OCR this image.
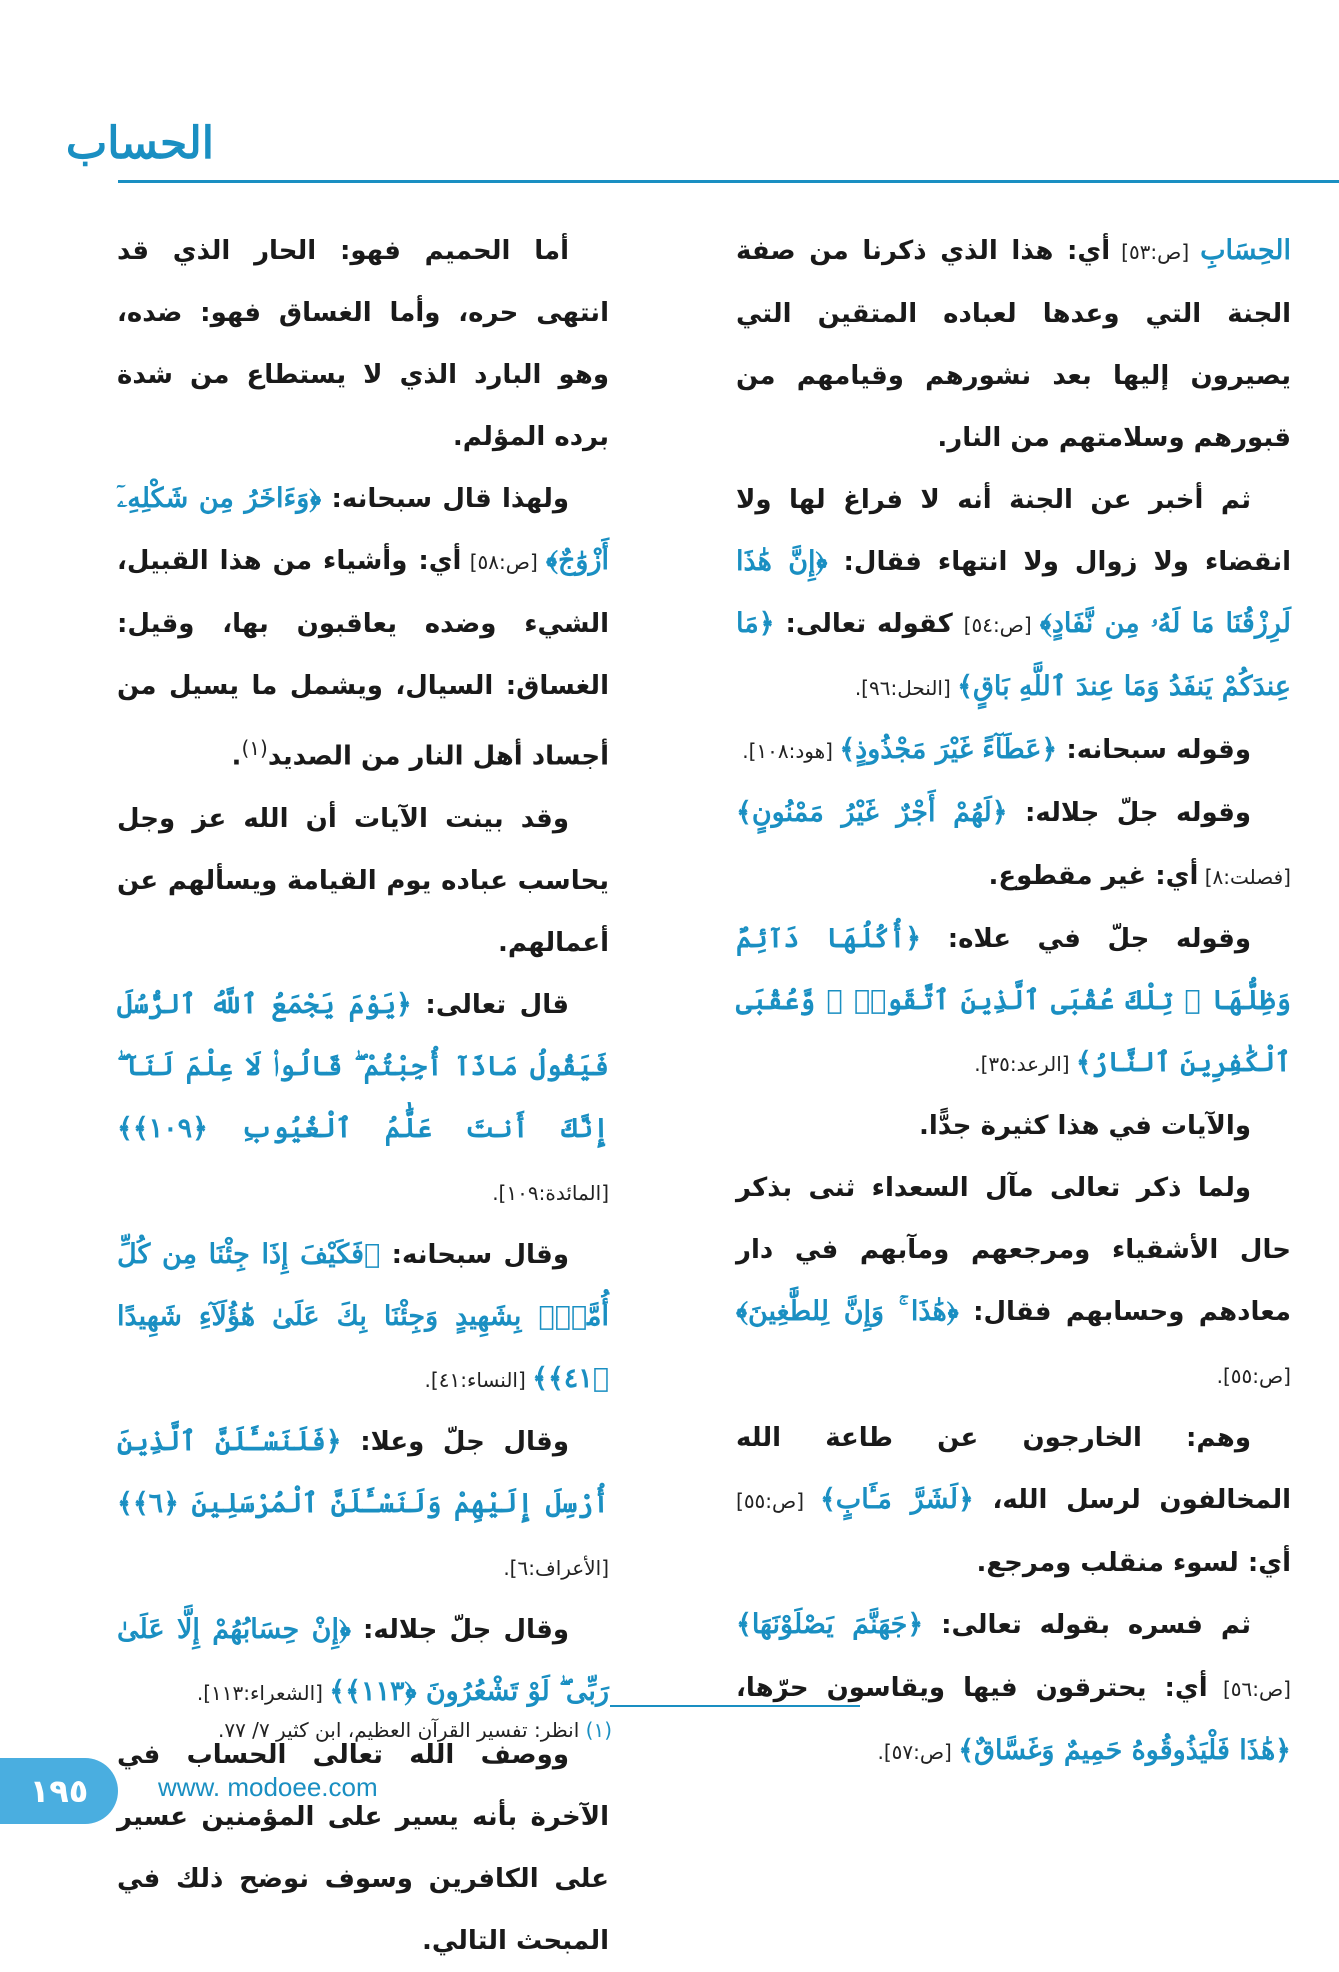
الحساب

الحِسَابِ [ص:٥٣] أي: هذا الذي ذكرنا من صفة الجنة التي وعدها لعباده المتقين التي يصيرون إليها بعد نشورهم وقيامهم من قبورهم وسلامتهم من النار.

ثم أخبر عن الجنة أنه لا فراغ لها ولا انقضاء ولا زوال ولا انتهاء فقال: ﴿إِنَّ هَٰذَا لَرِزْقُنَا مَا لَهُۥ مِن نَّفَادٍ﴾ [ص:٥٤] كقوله تعالى: ﴿مَا عِندَكُمْ يَنفَدُ وَمَا عِندَ ٱللَّهِ بَاقٍ﴾ [النحل:٩٦].

وقوله سبحانه: ﴿عَطَآءً غَيْرَ مَجْذُوذٍ﴾ [هود:١٠٨].

وقوله جلّ جلاله: ﴿لَهُمْ أَجْرٌ غَيْرُ مَمْنُونٍ﴾ [فصلت:٨] أي: غير مقطوع.

وقوله جلّ في علاه: ﴿أُكُلُهَا دَآئِمٌ وَظِلُّهَا ۚ تِلْكَ عُقْبَى ٱلَّذِينَ ٱتَّقَوا۟ ۖ وَّعُقْبَى ٱلْكَٰفِرِينَ ٱلنَّارُ﴾ [الرعد:٣٥].

والآيات في هذا كثيرة جدًّا.

ولما ذكر تعالى مآل السعداء ثنى بذكر حال الأشقياء ومرجعهم ومآبهم في دار معادهم وحسابهم فقال: ﴿هَٰذَا ۚ وَإِنَّ لِلطَّٰغِينَ﴾ [ص:٥٥].

وهم: الخارجون عن طاعة الله المخالفون لرسل الله، ﴿لَشَرَّ مَـَٔابٍ﴾ [ص:٥٥] أي: لسوء منقلب ومرجع.

ثم فسره بقوله تعالى: ﴿جَهَنَّمَ يَصْلَوْنَهَا﴾ [ص:٥٦] أي: يحترقون فيها ويقاسون حرّها، ﴿هَٰذَا فَلْيَذُوقُوهُ حَمِيمٌ وَغَسَّاقٌ﴾ [ص:٥٧].

أما الحميم فهو: الحار الذي قد انتهى حره، وأما الغساق فهو: ضده، وهو البارد الذي لا يستطاع من شدة برده المؤلم.

ولهذا قال سبحانه: ﴿وَءَاخَرُ مِن شَكْلِهِۦٓ أَزْوَٰجٌ﴾ [ص:٥٨] أي: وأشياء من هذا القبيل، الشيء وضده يعاقبون بها، وقيل: الغساق: السيال، ويشمل ما يسيل من أجساد أهل النار من الصديد$^{(١)}$.

وقد بينت الآيات أن الله عز وجل يحاسب عباده يوم القيامة ويسألهم عن أعمالهم.

قال تعالى: ﴿يَوْمَ يَجْمَعُ ٱللَّهُ ٱلرُّسُلَ فَيَقُولُ مَاذَآ أُجِبْتُمْ ۖ قَالُوا۟ لَا عِلْمَ لَنَآ ۖ إِنَّكَ أَنتَ عَلَّٰمُ ٱلْغُيُوبِ ﴿١٠٩﴾﴾ [المائدة:١٠٩].

وقال سبحانه: ﴿فَكَيْفَ إِذَا جِئْنَا مِن كُلِّ أُمَّةٍۭ بِشَهِيدٍ وَجِئْنَا بِكَ عَلَىٰ هَٰٓؤُلَآءِ شَهِيدًا ﴿٤١﴾﴾ [النساء:٤١].

وقال جلّ وعلا: ﴿فَلَنَسْـَٔلَنَّ ٱلَّذِينَ أُرْسِلَ إِلَيْهِمْ وَلَنَسْـَٔلَنَّ ٱلْمُرْسَلِينَ ﴿٦﴾﴾ [الأعراف:٦].

وقال جلّ جلاله: ﴿إِنْ حِسَابُهُمْ إِلَّا عَلَىٰ رَبِّى ۖ لَوْ تَشْعُرُونَ ﴿١١٣﴾﴾ [الشعراء:١١٣].

ووصف الله تعالى الحساب في الآخرة بأنه يسير على المؤمنين عسير على الكافرين وسوف نوضح ذلك في المبحث التالي.

(١) انظر: تفسير القرآن العظيم، ابن كثير ٧/ ٧٧.
١٩٥	www. modoee.com
